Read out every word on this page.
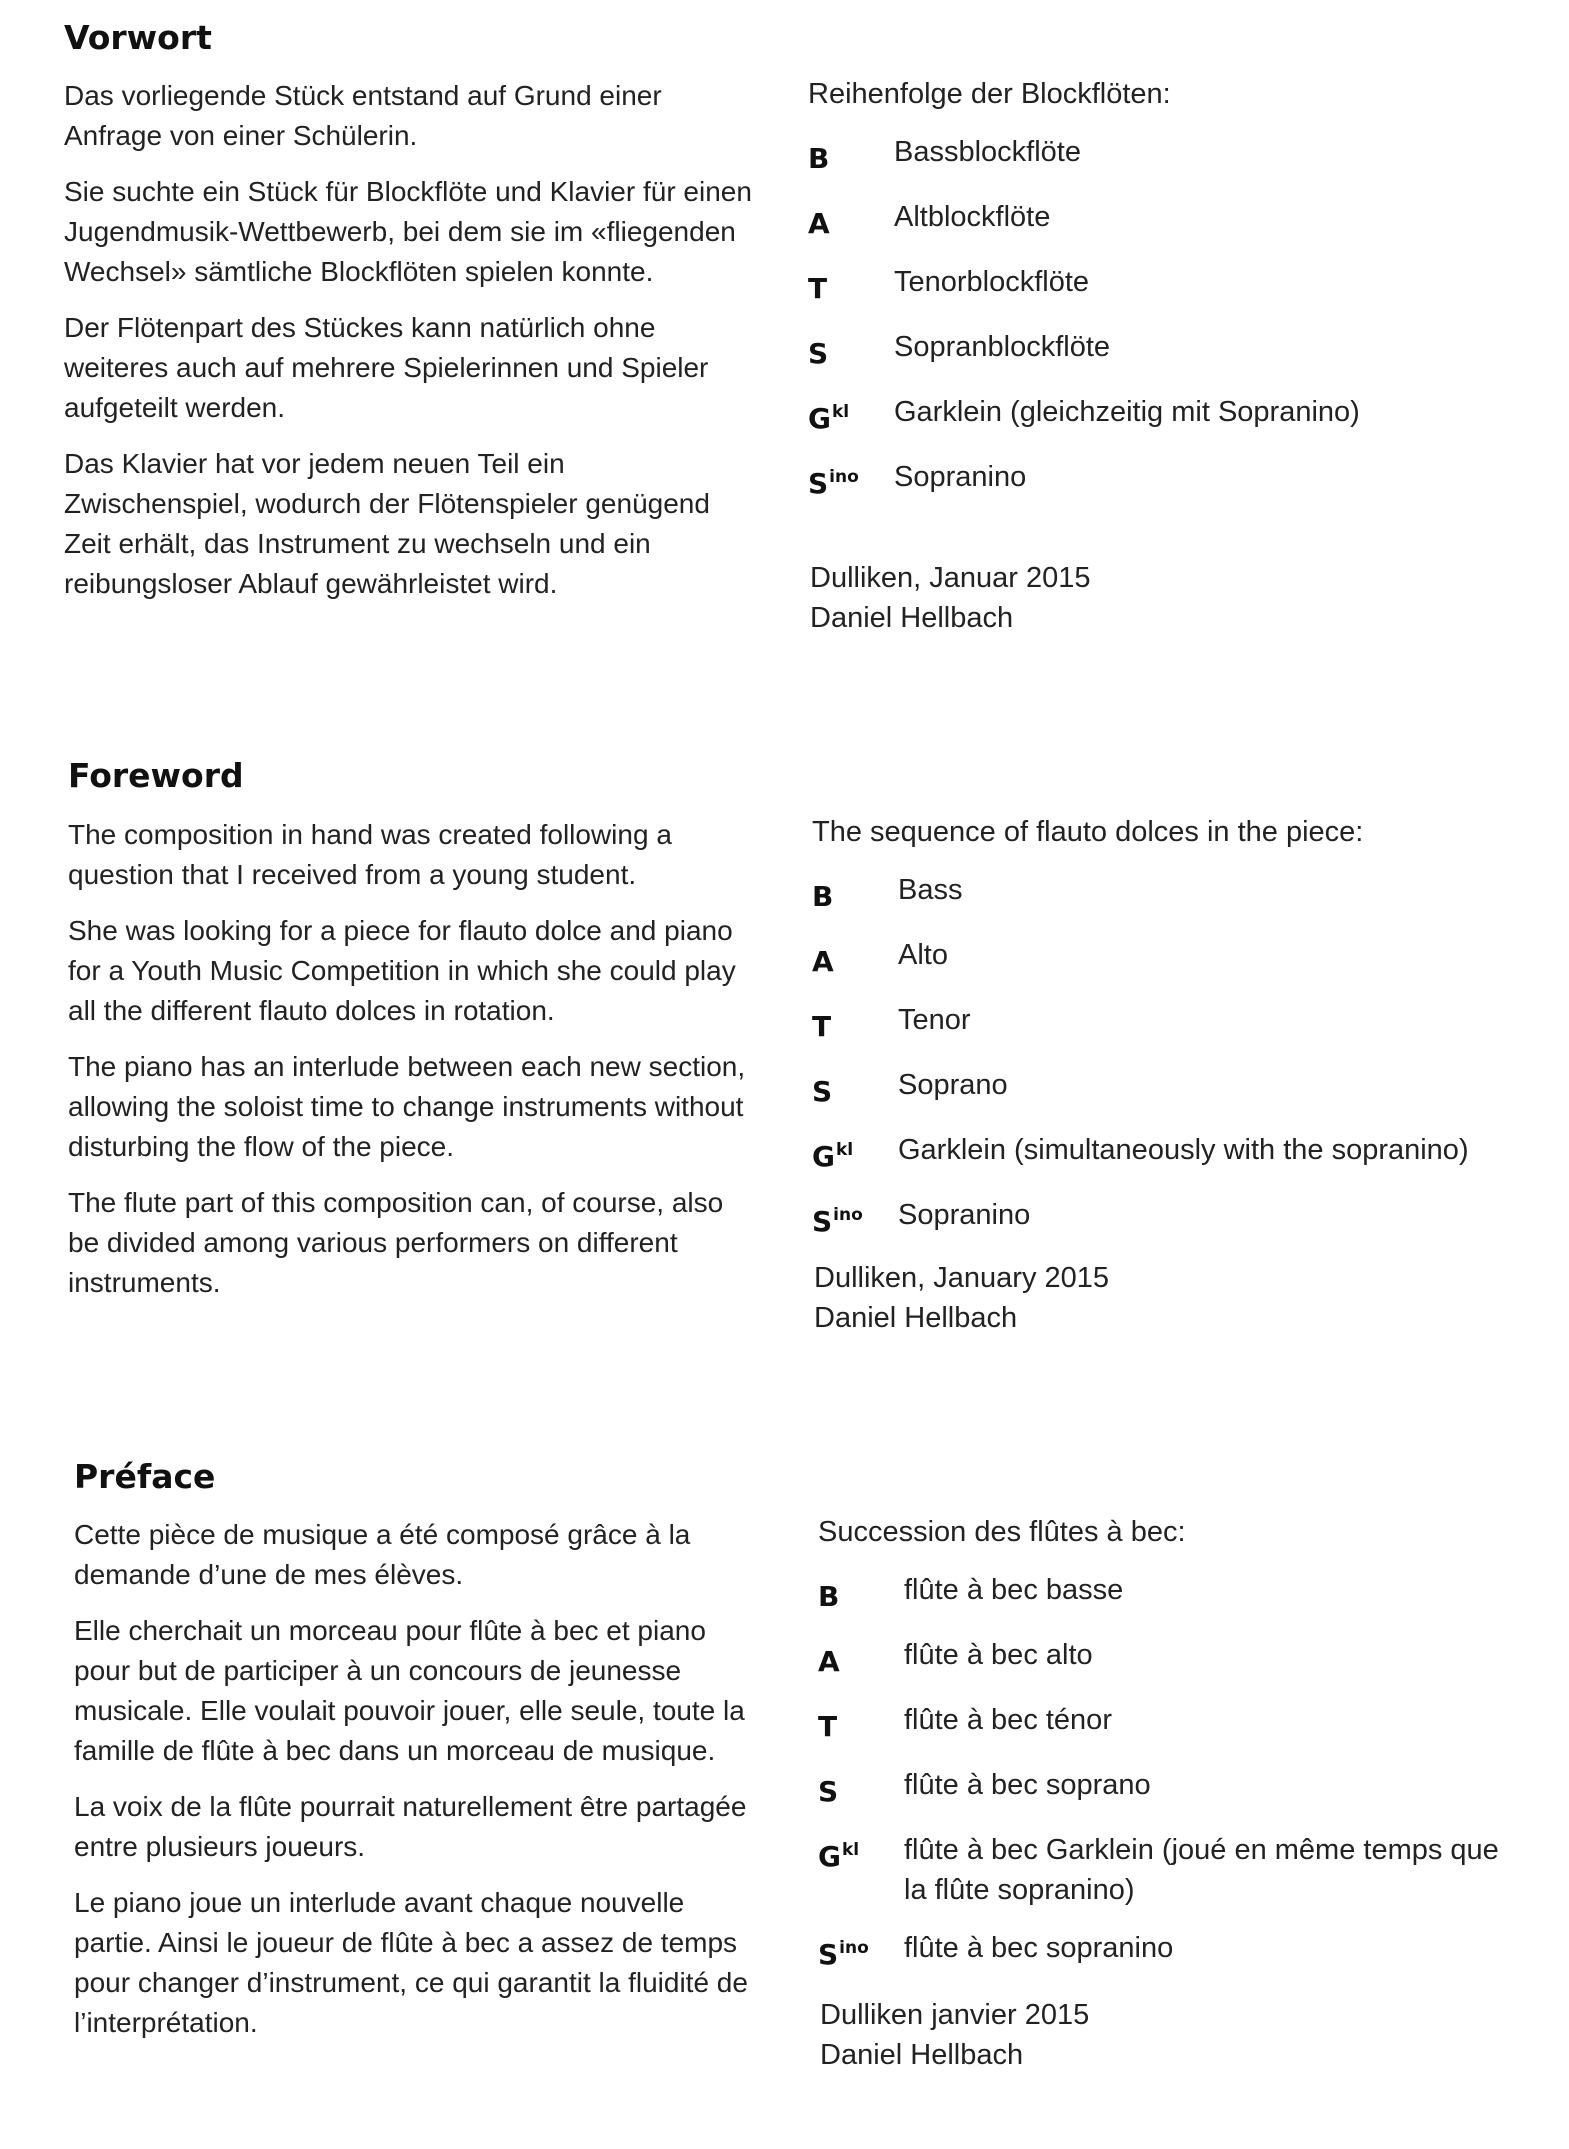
Vorwort

Das vorliegende Stück entstand auf Grund einer Anfrage von einer Schülerin.

Sie suchte ein Stück für Blockflöte und Klavier für einen Jugendmusik-Wettbewerb, bei dem sie im «fliegenden Wechsel» sämtliche Blockflöten spielen konnte.

Der Flötenpart des Stückes kann natürlich ohne weiteres auch auf mehrere Spielerinnen und Spieler aufgeteilt werden.

Das Klavier hat vor jedem neuen Teil ein Zwischenspiel, wodurch der Flötenspieler genügend Zeit erhält, das Instrument zu wechseln und ein reibungsloser Ablauf gewährleistet wird.

Reihenfolge der Blockflöten:
B	Bassblockflöte
A	Altblockflöte
T	Tenorblockflöte
S	Sopranblockflöte
$G^{kl}$	Garklein (gleichzeitig mit Sopranino)
$S^{ino}$	Sopranino
Dulliken, Januar 2015
Daniel Hellbach
Foreword

The composition in hand was created following a question that I received from a young student.

She was looking for a piece for flauto dolce and piano for a Youth Music Competition in which she could play all the different flauto dolces in rotation.

The piano has an interlude between each new section, allowing the soloist time to change instruments without disturbing the flow of the piece.

The flute part of this composition can, of course, also be divided among various performers on different instruments.

The sequence of flauto dolces in the piece:
B	Bass
A	Alto
T	Tenor
S	Soprano
$G^{kl}$	Garklein (simultaneously with the sopranino)
$S^{ino}$	Sopranino
Dulliken, January 2015
Daniel Hellbach
Préface

Cette pièce de musique a été composé grâce à la demande d’une de mes élèves.

Elle cherchait un morceau pour flûte à bec et piano pour but de participer à un concours de jeunesse musicale. Elle voulait pouvoir jouer, elle seule, toute la famille de flûte à bec dans un morceau de musique.

La voix de la flûte pourrait naturellement être partagée entre plusieurs joueurs.

Le piano joue un interlude avant chaque nouvelle partie. Ainsi le joueur de flûte à bec a assez de temps pour changer d’instrument, ce qui garantit la fluidité de l’interprétation.

Succession des flûtes à bec:
B	flûte à bec basse
A	flûte à bec alto
T	flûte à bec ténor
S	flûte à bec soprano
$G^{kl}$	flûte à bec Garklein (joué en même temps que la flûte sopranino)
$S^{ino}$	flûte à bec sopranino
Dulliken janvier 2015
Daniel Hellbach
